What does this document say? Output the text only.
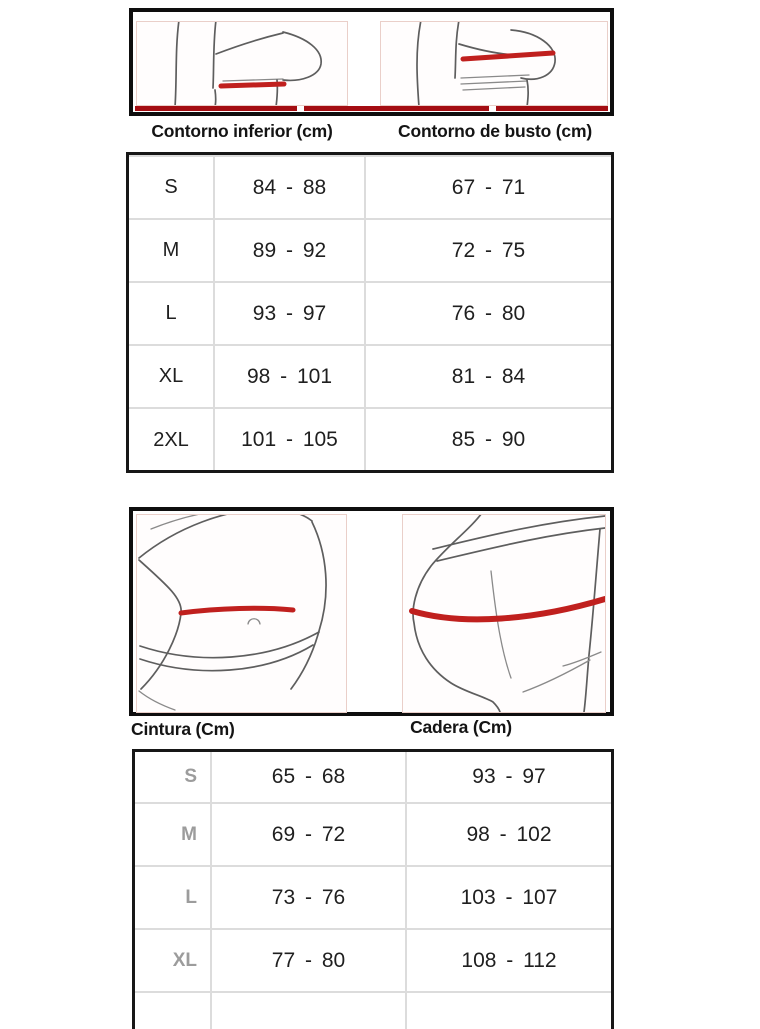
Contorno inferior (cm)	Contorno de busto (cm)
S	84 - 88	67 - 71
M	89 - 92	72 - 75
L	93 - 97	76 - 80
XL	98 - 101	81 - 84
2XL	101 - 105	85 - 90
Cintura (Cm)	Cadera (Cm)
S	65 - 68	93 - 97
M	69 - 72	98 - 102
L	73 - 76	103 - 107
XL	77 - 80	108 - 112
